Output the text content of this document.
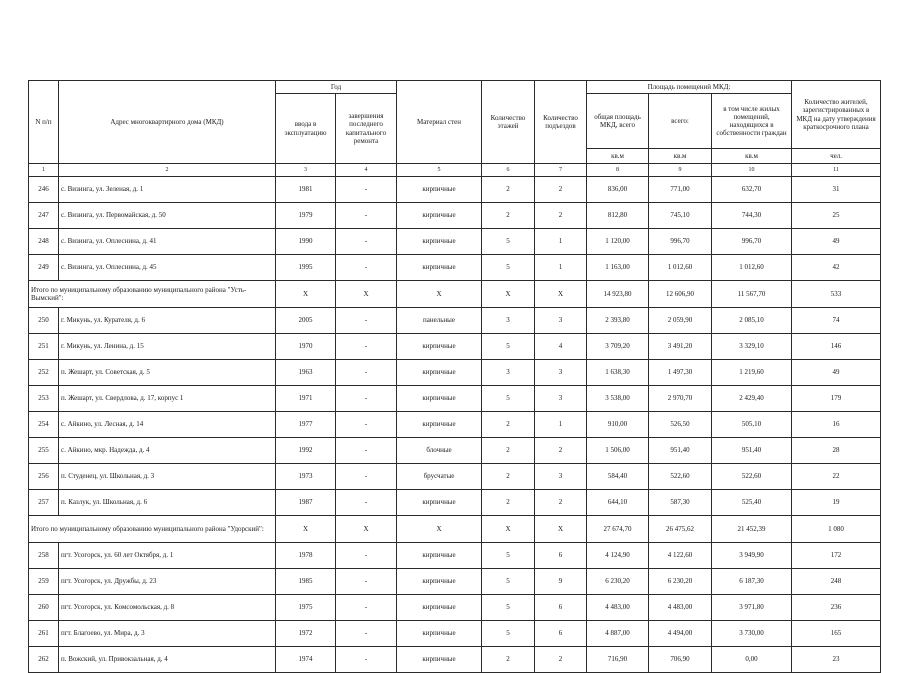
N п/п	Адрес многоквартирного дома (МКД)	Год		Материал стен	Количество этажей	Количество подъездов	Площадь помещений МКД:			Количество жителей, зарегистрированных в МКД на дату утверждения краткосрочного плана
		ввода в эксплуатацию	завершения последнего капитального ремонта				общая площадь МКД, всего	всего:	в том числе жилых помещений, находящихся в собственности граждан	
							кв.м	кв.м	кв.м	чел.
1	2	3	4	5	6	7	8	9	10	11
246	с. Визинга, ул. Зеленая, д. 1	1981	-	кирпичные	2	2	836,00	771,00	632,70	31
247	с. Визинга, ул. Первомайская, д. 50	1979	-	кирпичные	2	2	812,80	745,10	744,30	25
248	с. Визинга, ул. Оплеснина, д. 41	1990	-	кирпичные	5	1	1 120,00	996,70	996,70	49
249	с. Визинга, ул. Оплеснина, д. 45	1995	-	кирпичные	5	1	1 163,00	1 012,60	1 012,60	42
Итого по муниципальному образованию муниципального района "Усть-Вымский":		X	X	X	X	X	14 923,80	12 606,90	11 567,70	533
250	г. Микунь, ул. Курателя, д. 6	2005	-	панельные	3	3	2 393,80	2 059,90	2 085,10	74
251	г. Микунь, ул. Ленина, д. 15	1970	-	кирпичные	5	4	3 709,20	3 491,20	3 329,10	146
252	п. Жешарт, ул. Советская, д. 5	1963	-	кирпичные	3	3	1 638,30	1 497,30	1 219,60	49
253	п. Жешарт, ул. Свердлова, д. 17, корпус 1	1971	-	кирпичные	5	3	3 538,00	2 970,70	2 429,40	179
254	с. Айкино, ул. Лесная, д. 14	1977	-	кирпичные	2	1	910,00	526,50	505,10	16
255	с. Айкино, мкр. Надежда, д. 4	1992	-	блочные	2	2	1 506,00	951,40	951,40	28
256	п. Студенец, ул. Школьная, д. 3	1973	-	брусчатые	2	3	584,40	522,60	522,60	22
257	п. Казлук, ул. Школьная, д. 6	1987	-	кирпичные	2	2	644,10	587,30	525,40	19
Итого по муниципальному образованию муниципального района "Удорский":		X	X	X	X	X	27 674,70	26 475,62	21 452,39	1 080
258	пгт. Усогорск, ул. 60 лет Октября, д. 1	1978	-	кирпичные	5	6	4 124,90	4 122,60	3 949,90	172
259	пгт. Усогорск, ул. Дружбы, д. 23	1985	-	кирпичные	5	9	6 230,20	6 230,20	6 187,30	248
260	пгт. Усогорск, ул. Комсомольская, д. 8	1975	-	кирпичные	5	6	4 483,00	4 483,00	3 971,80	236
261	пгт. Благоево, ул. Мира, д. 3	1972	-	кирпичные	5	6	4 887,00	4 494,00	3 730,00	165
262	п. Вожский, ул. Привокзальная, д. 4	1974	-	кирпичные	2	2	716,90	706,90	0,00	23
